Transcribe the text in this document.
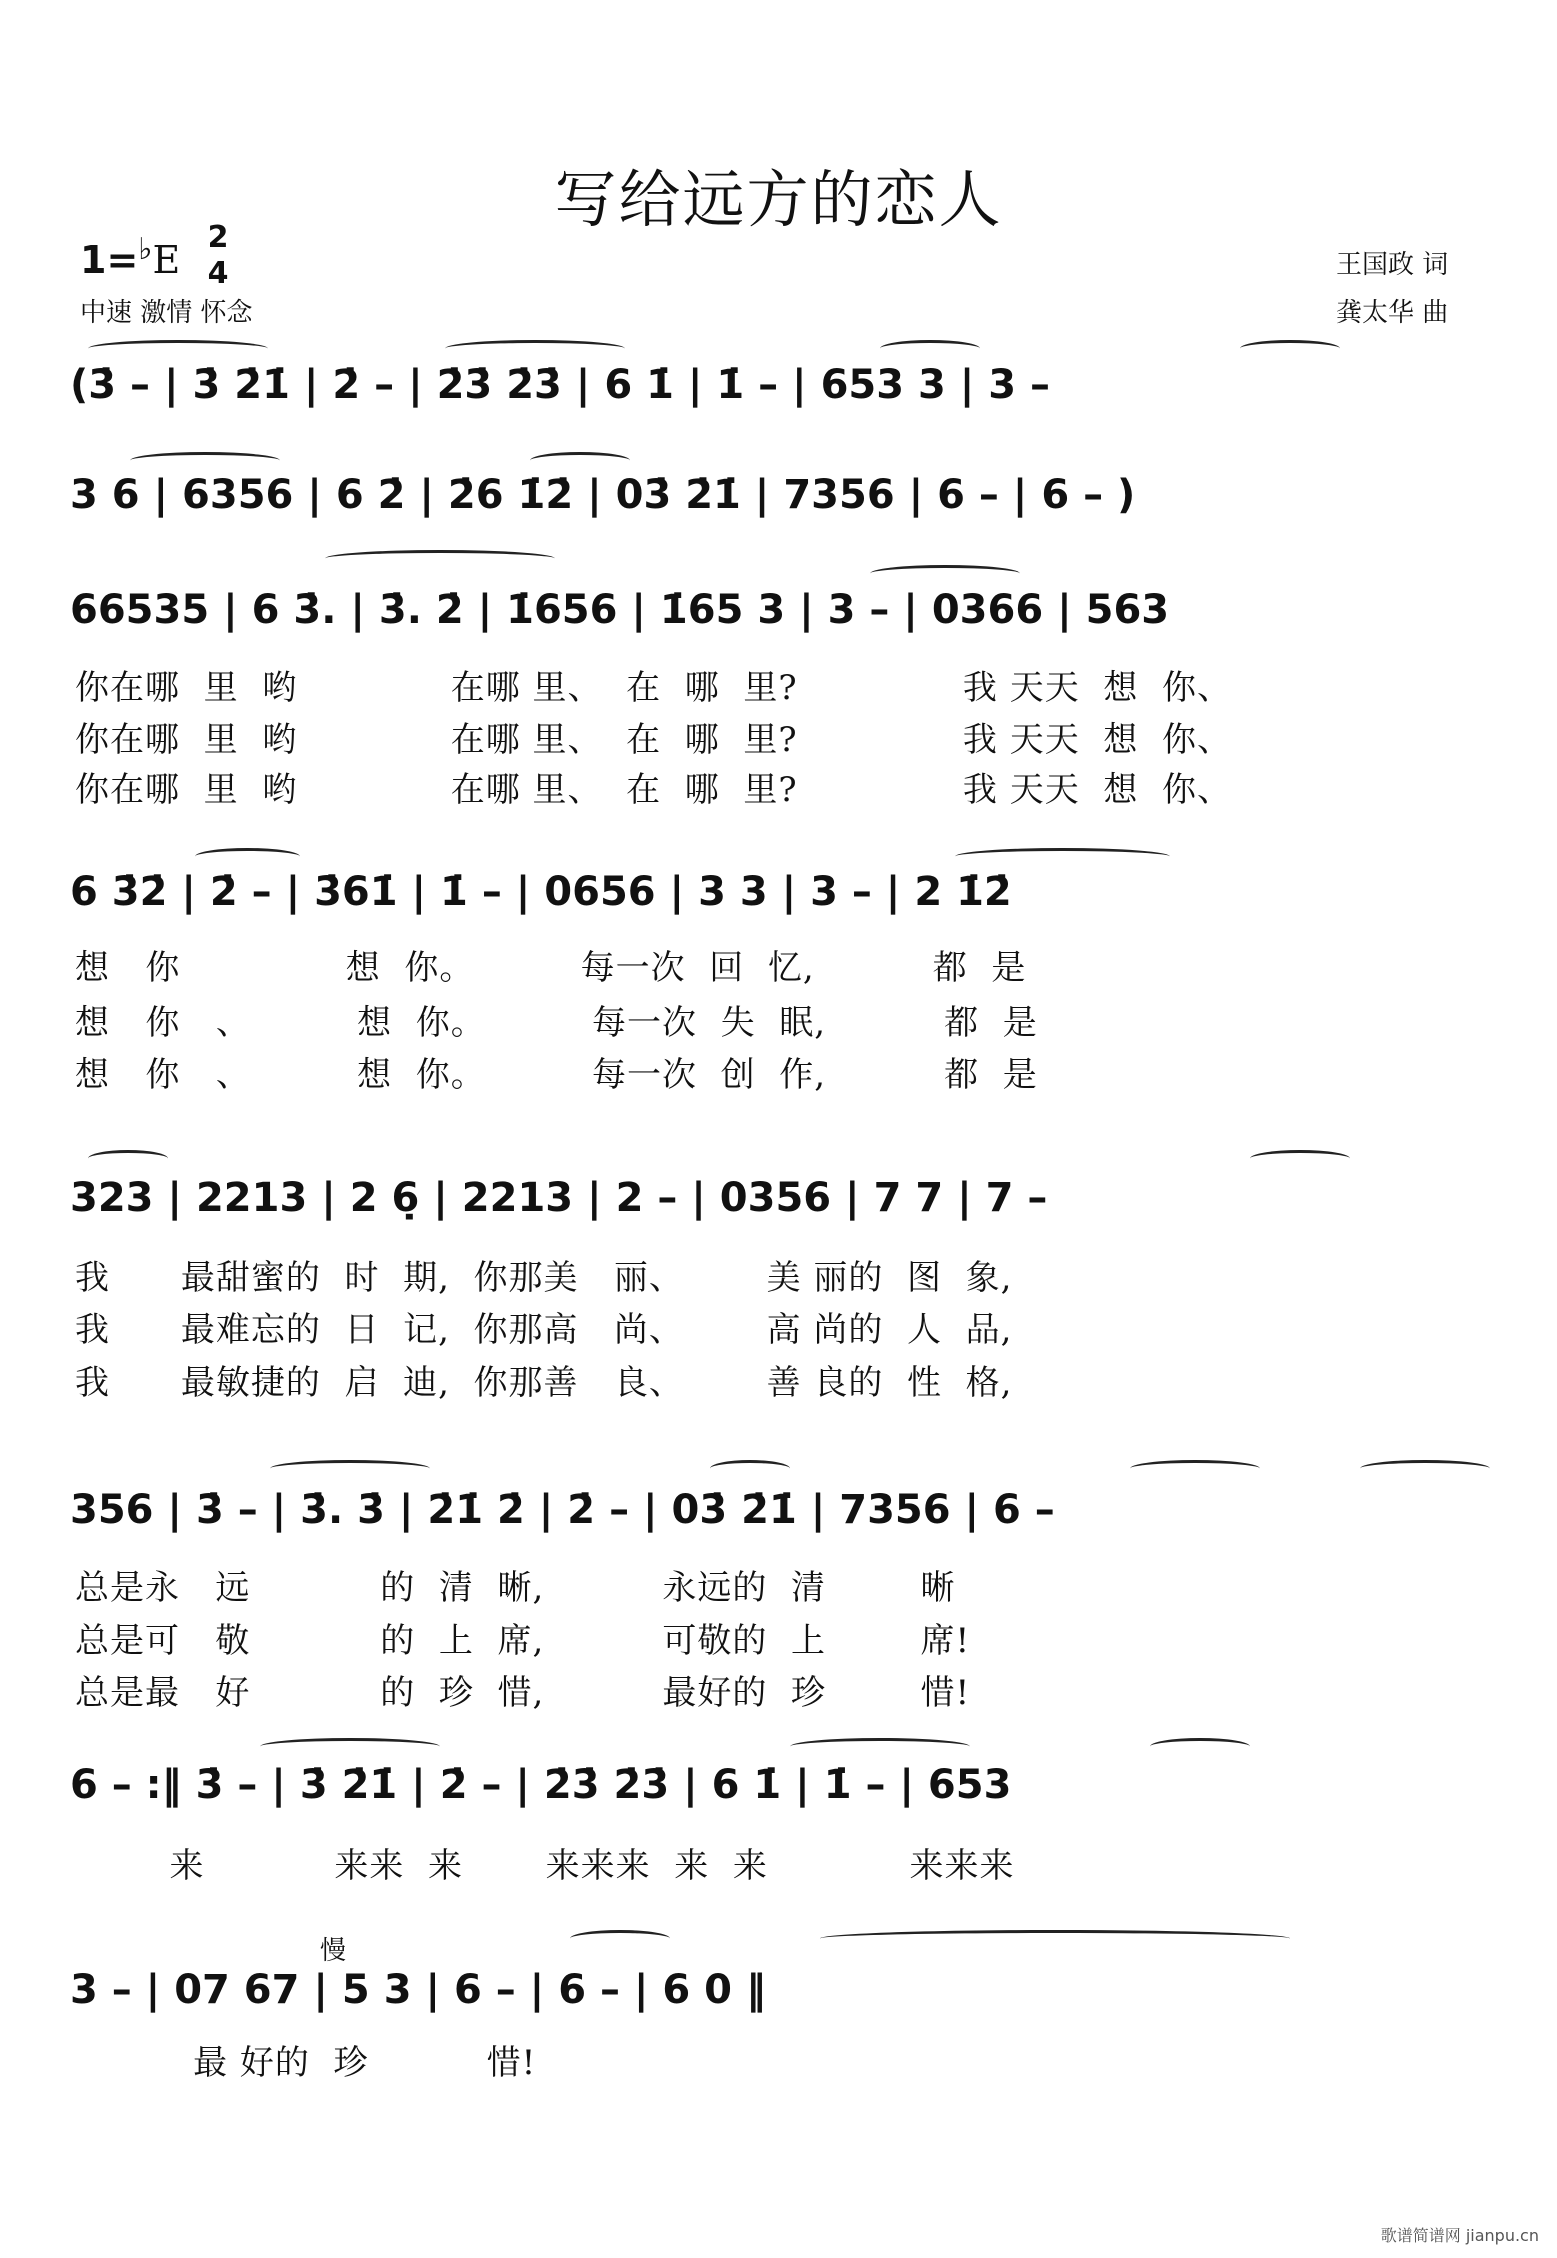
写给远方的恋人
1=♭E
2
4
中速 激情 怀念
王国政 词
龚太华 曲
(3̇ – | 3̇ 2̇1̇ | 2̇ – | 2̇3̇ 2̇3̇ | 6 1̇ | 1̇ – | 653 3 | 3 –
3 6 | 6356 | 6 2̇ | 2̇6 1̇2̇ | 03̇ 2̇1̇ | 7356 | 6 – | 6 – )
66535 | 6 3̇. | 3̇. 2̇ | 1̇656 | 1̇65 3 | 3 – | 0366 | 563
你在哪  里  哟             在哪 里、  在  哪  里?              我 天天  想  你、
你在哪  里  哟             在哪 里、  在  哪  里?              我 天天  想  你、
你在哪  里  哟             在哪 里、  在  哪  里?              我 天天  想  你、
6 3̇2̇ | 2̇ – | 3̇61̇ | 1̇ – | 0656 | 3 3 | 3 – | 2 1̇2̇
想   你              想  你。         每一次  回  忆,          都  是
想   你   、         想  你。         每一次  失  眠,          都  是
想   你   、         想  你。         每一次  创  作,          都  是
323 | 2213 | 2 6̣ | 2213 | 2 – | 0356 | 7 7 | 7 –
我      最甜蜜的  时  期,  你那美   丽、       美 丽的  图  象,
我      最难忘的  日  记,  你那高   尚、       高 尚的  人  品,
我      最敏捷的  启  迪,  你那善   良、       善 良的  性  格,
356 | 3̇ – | 3̇. 3̇ | 2̇1̇ 2̇ | 2̇ – | 03̇ 2̇1̇ | 7356 | 6 –
总是永   远           的  清  晰,          永远的  清        晰
总是可   敬           的  上  席,          可敬的  上        席!
总是最   好           的  珍  惜,          最好的  珍        惜!
6 – :‖ 3̇ – | 3̇ 2̇1̇ | 2̇ – | 2̇3̇ 2̇3̇ | 6 1̇ | 1̇ – | 653
来           来来  来       来来来  来  来            来来来
慢
3 – | 07 67 | 5 3 | 6 – | 6 – | 6 0 ‖
最 好的  珍          惜!
歌谱简谱网 jianpu.cn
